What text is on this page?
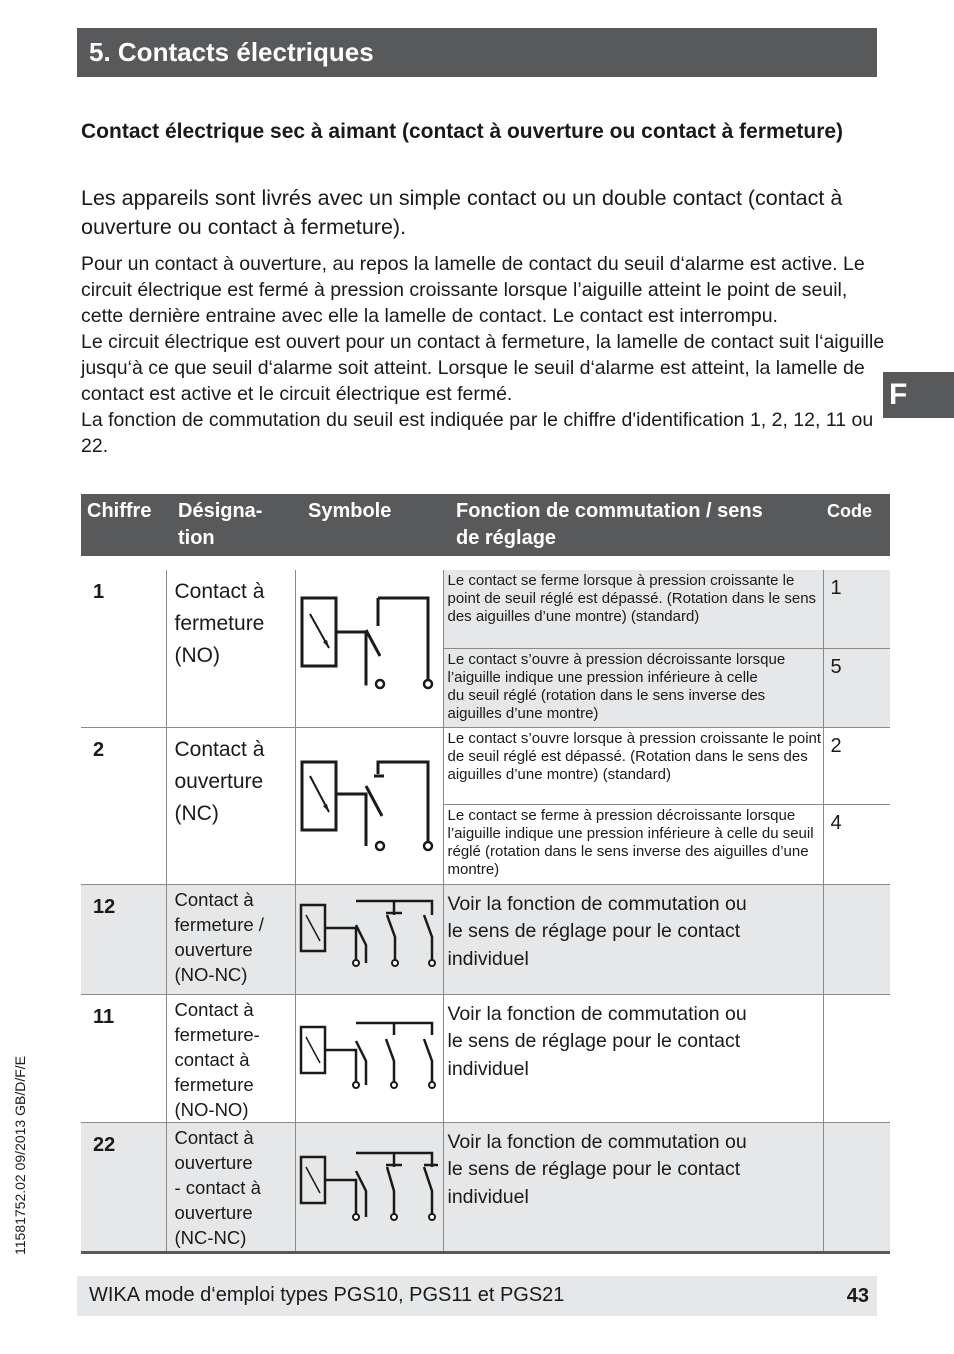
5. Contacts électriques
Contact électrique sec à aimant (contact à ouverture ou contact à fermeture)
Les appareils sont livrés avec un simple contact ou un double contact (contact à ouverture ou contact à fermeture).

Pour un contact à ouverture, au repos la lamelle de contact du seuil d‘alarme est active. Le circuit électrique est fermé à pression croissante lorsque l’aiguille atteint le point de seuil, cette dernière entraine avec elle la lamelle de contact. Le contact est interrompu.

Le circuit électrique est ouvert pour un contact à fermeture, la lamelle de contact suit l‘aiguille jusqu‘à ce que seuil d‘alarme soit atteint. Lorsque le seuil d‘alarme est atteint, la lamelle de contact est active et le circuit électrique est fermé.

La fonction de commutation du seuil est indiquée par le chiffre d'identification 1, 2, 12, 11 ou 22.

F
11581752.02 09/2013 GB/D/F/E
Chiffre Désigna-
tion
Symbole	Fonction de commutation / sens
de réglage
Code
1	Contact à
fermeture
(NO)		Le contact se ferme lorsque à pression croissante le point de seuil réglé est dépassé. (Rotation dans le sens des aiguilles d’une montre) (standard)	1
			Le contact s’ouvre à pression décroissante lorsque l’aiguille indique une pression inférieure à celle
du seuil réglé (rotation dans le sens inverse des aiguilles d’une montre)	5
2	Contact à
ouverture
(NC)		Le contact s’ouvre lorsque à pression croissante le point de seuil réglé est dépassé. (Rotation dans le sens des aiguilles d’une montre) (standard)	2
			Le contact se ferme à pression décroissante lorsque l’aiguille indique une pression inférieure à celle du seuil réglé (rotation dans le sens inverse des aiguilles d’une montre)	4
12	Contact à
fermeture /
ouverture
(NO-NC)		Voir la fonction de commutation ou
le sens de réglage pour le contact
individuel	
11	Contact à
fermeture-
contact à
fermeture
(NO-NO)		Voir la fonction de commutation ou
le sens de réglage pour le contact
individuel	
22	Contact à
ouverture
- contact à
ouverture
(NC-NC)		Voir la fonction de commutation ou
le sens de réglage pour le contact
individuel	
WIKA mode d‘emploi types PGS10, PGS11 et PGS21	43
